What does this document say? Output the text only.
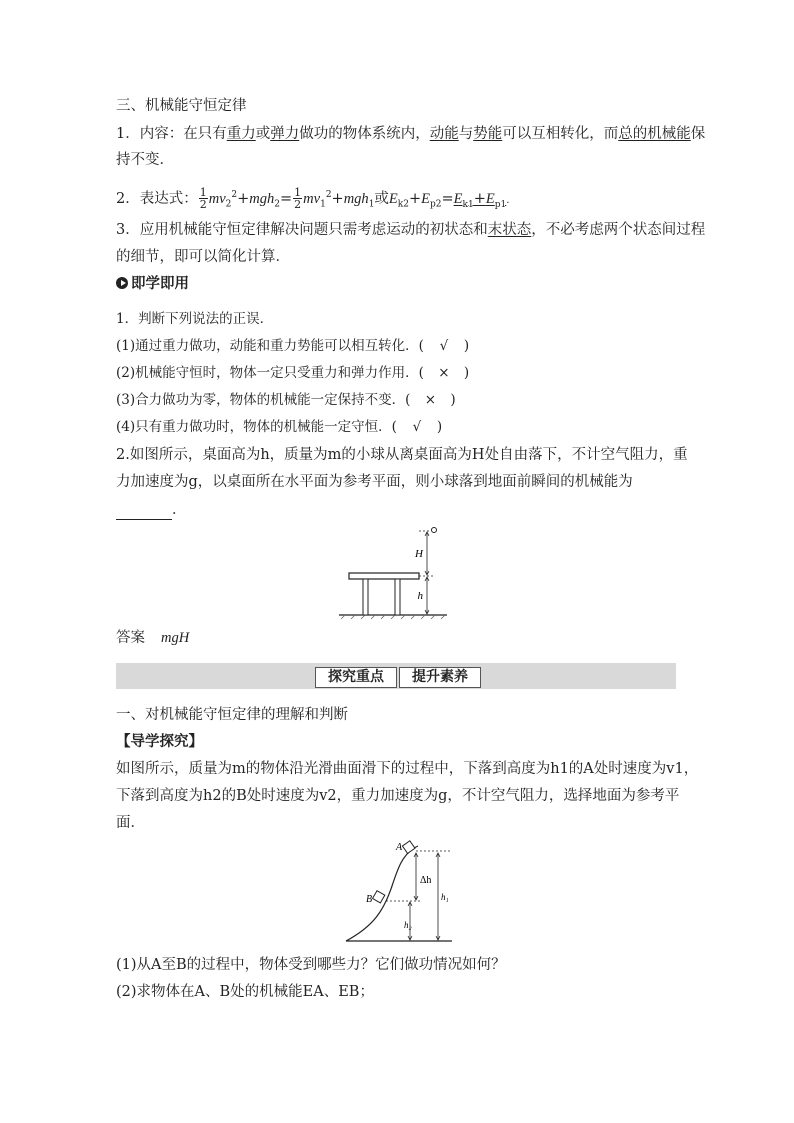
三、机械能守恒定律
1．内容：在只有重力或弹力做功的物体系统内，动能与势能可以互相转化，而总的机械能保
持不变．
2．表达式： $\frac{1}{2} mv_2^2+mgh_2= \frac{1}{2} mv_1^2+mgh_1$或$E_{k2}+E_{p2}=E_{k1}+E_{p1}$.
3．应用机械能守恒定律解决问题只需考虑运动的初状态和末状态，不必考虑两个状态间过程
的细节，即可以简化计算．
即学即用
1．判断下列说法的正误．
(1)通过重力做功，动能和重力势能可以相互转化．( √ )
(2)机械能守恒时，物体一定只受重力和弹力作用．( × )
(3)合力做功为零，物体的机械能一定保持不变．( × )
(4)只有重力做功时，物体的机械能一定守恒．( √ )
2.如图所示，桌面高为h，质量为m的小球从离桌面高为H处自由落下，不计空气阻力，重
力加速度为g，以桌面所在水平面为参考平面，则小球落到地面前瞬间的机械能为
．
H
h
答案 mgH
探究重点	提升素养
一、对机械能守恒定律的理解和判断
【导学探究】
如图所示，质量为m的物体沿光滑曲面滑下的过程中，下落到高度为h1的A处时速度为v1，
下落到高度为h2的B处时速度为v2，重力加速度为g，不计空气阻力，选择地面为参考平
面．
A
B
Δh
h₂
h₁
(1)从A至B的过程中，物体受到哪些力？它们做功情况如何？
(2)求物体在A、B处的机械能EA、EB；
